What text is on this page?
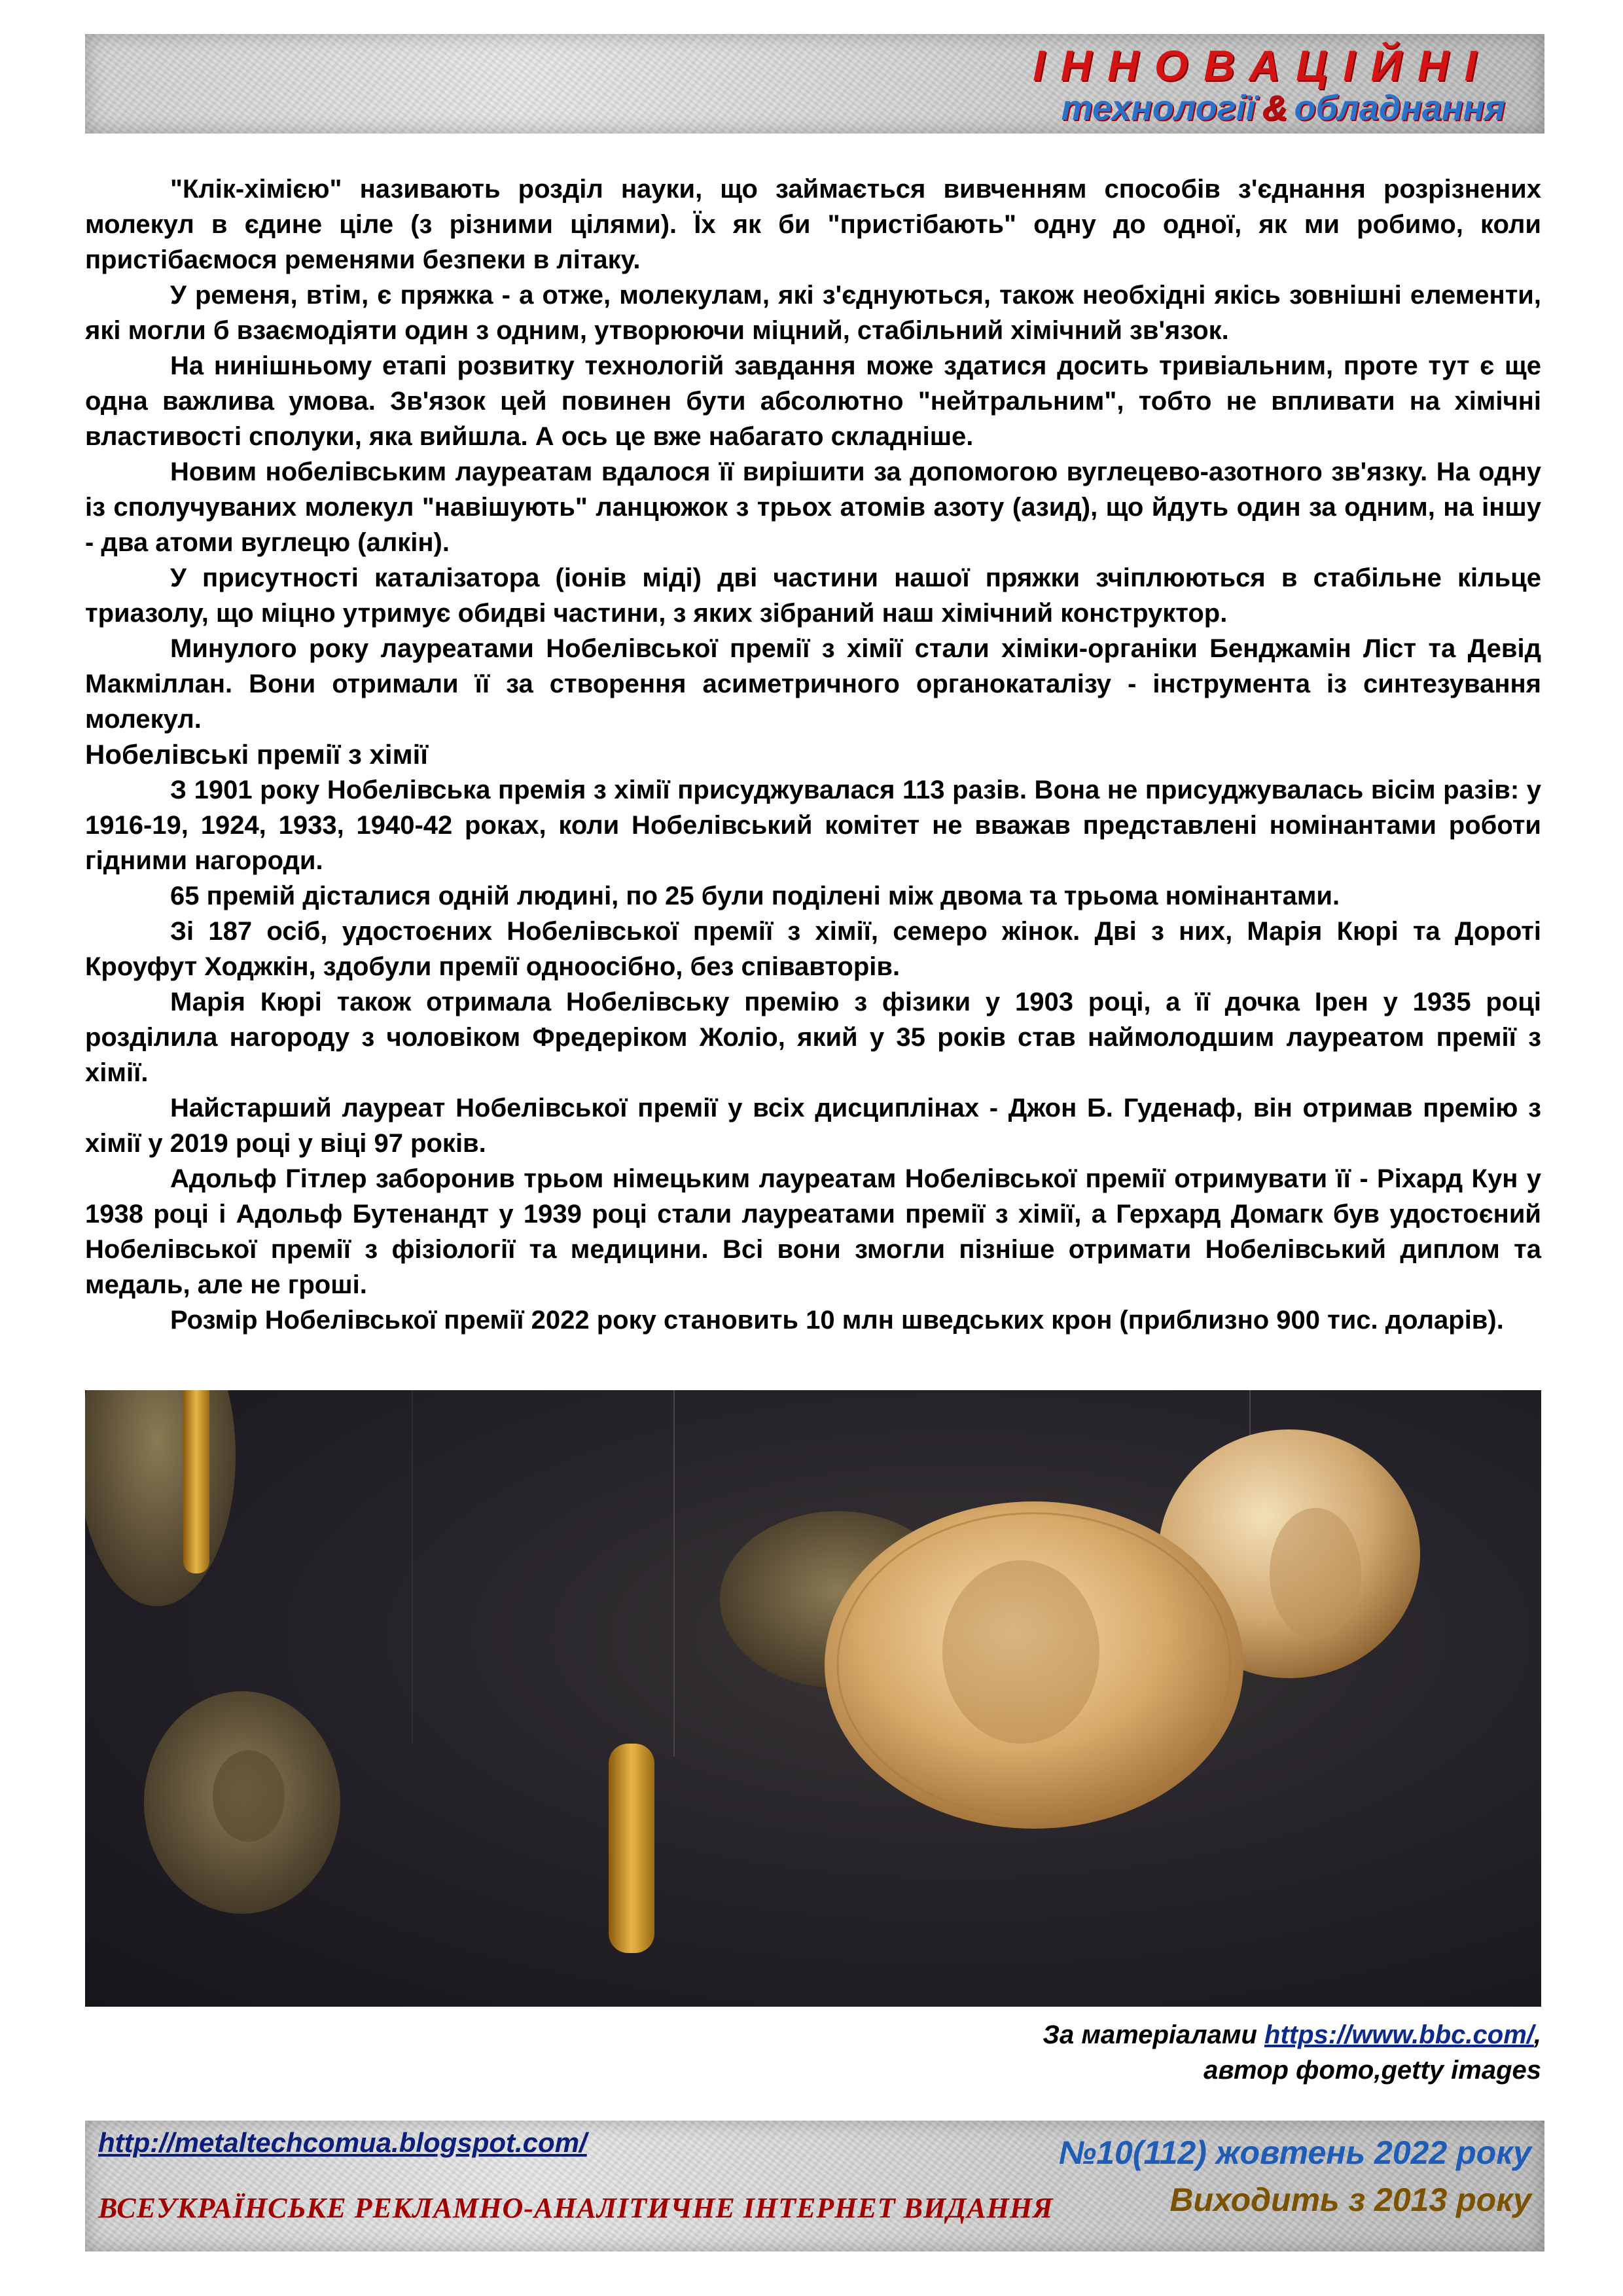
ІННОВАЦІЙНІ
технології & обладнання

"Клік-хімією" називають розділ науки, що займається вивченням способів з'єднання розрізнених молекул в єдине ціле (з різними цілями). Їх як би "пристібають" одну до одної, як ми робимо, коли пристібаємося ременями безпеки в літаку.

У ременя, втім, є пряжка - а отже, молекулам, які з'єднуються, також необхідні якісь зовнішні елементи, які могли б взаємодіяти один з одним, утворюючи міцний, стабільний хімічний зв'язок.

На нинішньому етапі розвитку технологій завдання може здатися досить тривіальним, проте тут є ще одна важлива умова. Зв'язок цей повинен бути абсолютно "нейтральним", тобто не впливати на хімічні властивості сполуки, яка вийшла. А ось це вже набагато складніше.

Новим нобелівським лауреатам вдалося її вирішити за допомогою вуглецево-азотного зв'язку. На одну із сполучуваних молекул "навішують" ланцюжок з трьох атомів азоту (азид), що йдуть один за одним, на іншу - два атоми вуглецю (алкін).

У присутності каталізатора (іонів міді) дві частини нашої пряжки зчіплюються в стабільне кільце триазолу, що міцно утримує обидві частини, з яких зібраний наш хімічний конструктор.

Минулого року лауреатами Нобелівської премії з хімії стали хіміки-органіки Бенджамін Ліст та Девід Макміллан. Вони отримали її за створення асиметричного органокаталізу - інструмента із синтезування молекул.

Нобелівські премії з хімії

З 1901 року Нобелівська премія з хімії присуджувалася 113 разів. Вона не присуджувалась вісім разів: у 1916-19, 1924, 1933, 1940-42 роках, коли Нобелівський комітет не вважав представлені номінантами роботи гідними нагороди.

65 премій дісталися одній людині, по 25 були поділені між двома та трьома номінантами.

Зі 187 осіб, удостоєних Нобелівської премії з хімії, семеро жінок. Дві з них, Марія Кюрі та Дороті Кроуфут Ходжкін, здобули премії одноосібно, без співавторів.

Марія Кюрі також отримала Нобелівську премію з фізики у 1903 році, а її дочка Ірен у 1935 році розділила нагороду з чоловіком Фредеріком Жоліо, який у 35 років став наймолодшим лауреатом премії з хімії.

Найстарший лауреат Нобелівської премії у всіх дисциплінах - Джон Б. Гуденаф, він отримав премію з хімії у 2019 році у віці 97 років.

Адольф Гітлер заборонив трьом німецьким лауреатам Нобелівської премії отримувати її - Ріхард Кун у 1938 році і Адольф Бутенандт у 1939 році стали лауреатами премії з хімії, а Герхард Домагк був удостоєний Нобелівської премії з фізіології та медицини. Всі вони змогли пізніше отримати Нобелівський диплом та медаль, але не гроші.

Розмір Нобелівської премії 2022 року становить 10 млн шведських крон (приблизно 900 тис. доларів).

За матеріалами https://www.bbc.com/,
автор фото,getty images
http://metaltechcomua.blogspot.com/
ВСЕУКРАЇНСЬКЕ РЕКЛАМНО-АНАЛІТИЧНЕ ІНТЕРНЕТ ВИДАННЯ
№10(112) жовтень 2022 року
Виходить з 2013 року
